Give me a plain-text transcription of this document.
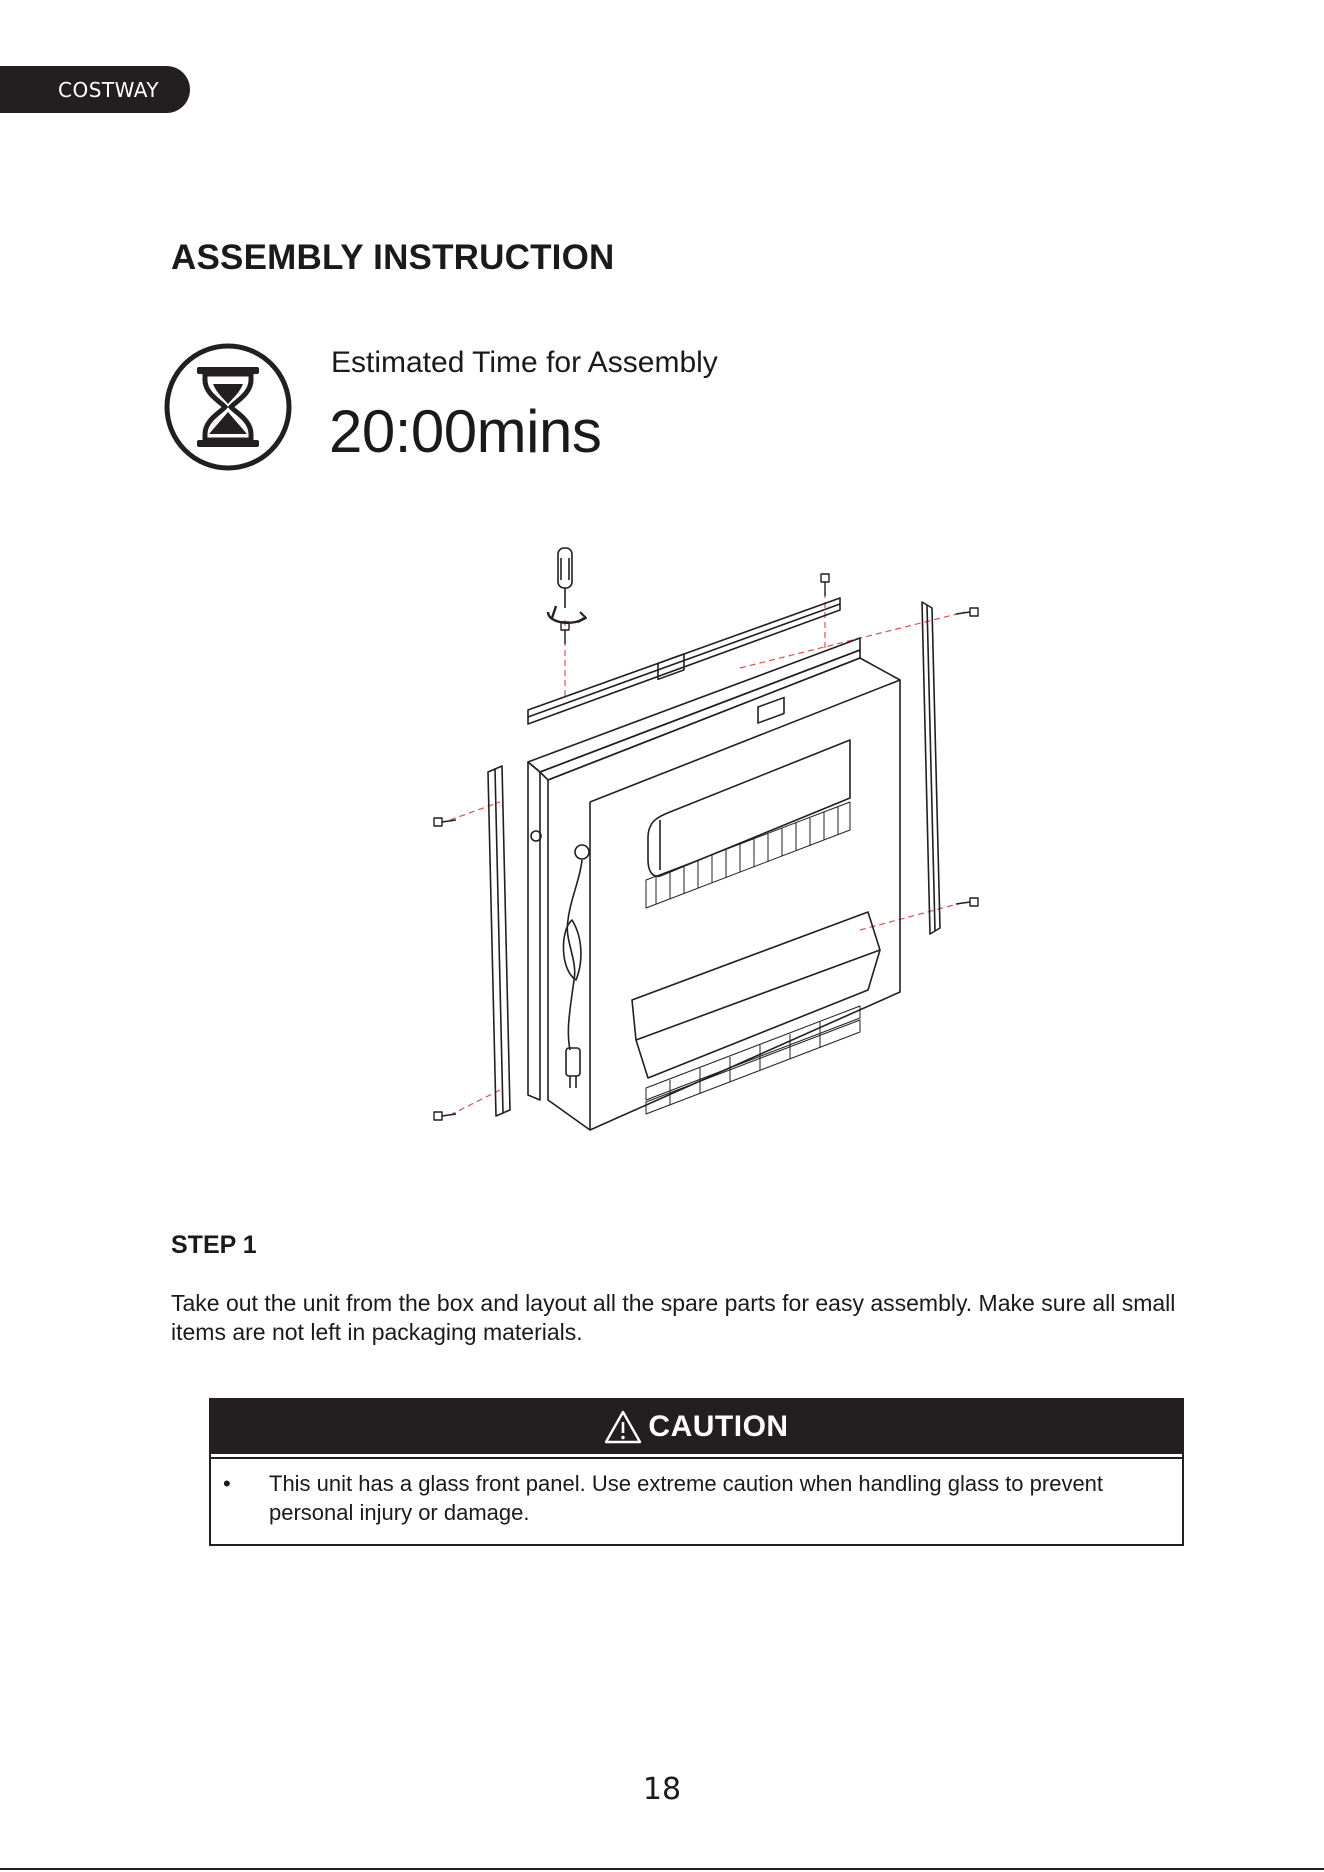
COSTWAY
ASSEMBLY INSTRUCTION
Estimated Time for Assembly
20:00mins
STEP 1

Take out the unit from the box and layout all the spare parts for easy assembly. Make sure all small items are not left in packaging materials.

CAUTION
•	This unit has a glass front panel. Use extreme caution when handling glass to prevent personal injury or damage.
18
